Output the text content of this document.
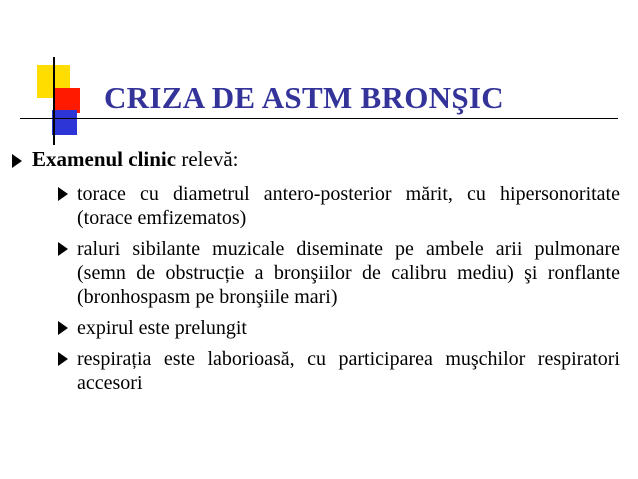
CRIZA DE ASTM BRONŞIC
Examenul clinic relevă:
torace cu diametrul antero-posterior mărit, cu hipersonoritate (torace emfizematos)
raluri sibilante muzicale diseminate pe ambele arii pulmonare (semn de obstrucție a bronşiilor de calibru mediu) şi ronflante (bronhospasm pe bronşiile mari)
expirul este prelungit
respirația este laborioasă, cu participarea muşchilor respiratori accesori
